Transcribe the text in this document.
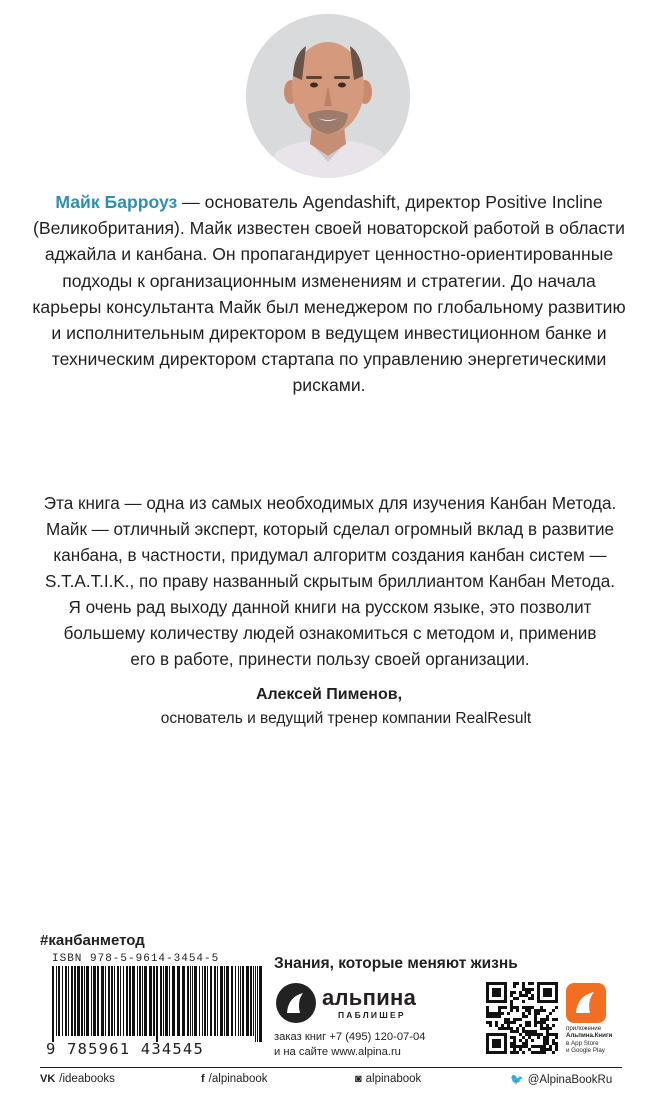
Майк Барроуз — основатель Agendashift, директор Positive Incline (Великобритания). Майк известен своей новаторской работой в области аджайла и канбана. Он пропагандирует ценностно-ориентированные подходы к организационным изменениям и стратегии. До начала карьеры консультанта Майк был менеджером по глобальному развитию и исполнительным директором в ведущем инвестиционном банке и техническим директором стартапа по управлению энергетическими рисками.

Эта книга — одна из самых необходимых для изучения Канбан Метода.
Майк — отличный эксперт, который сделал огромный вклад в развитие
канбана, в частности, придумал алгоритм создания канбан систем —
S.T.A.T.I.K., по праву названный скрытым бриллиантом Канбан Метода.
Я очень рад выходу данной книги на русском языке, это позволит
большему количеству людей ознакомиться с методом и, применив
его в работе, принести пользу своей организации.

Алексей Пименов,
основатель и ведущий тренер компании RealResult
#канбанметод
ISBN 978-5-9614-3454-5
9 785961 434545
Знания, которые меняют жизнь
альпина
ПАБЛИШЕР
заказ книг +7 (495) 120-07-04
и на сайте www.alpina.ru
приложение
Альпина.Книги
в App Store
и Google Play
VK /ideabooks	f /alpinabook	◙ alpinabook	🐦 @AlpinaBookRu
